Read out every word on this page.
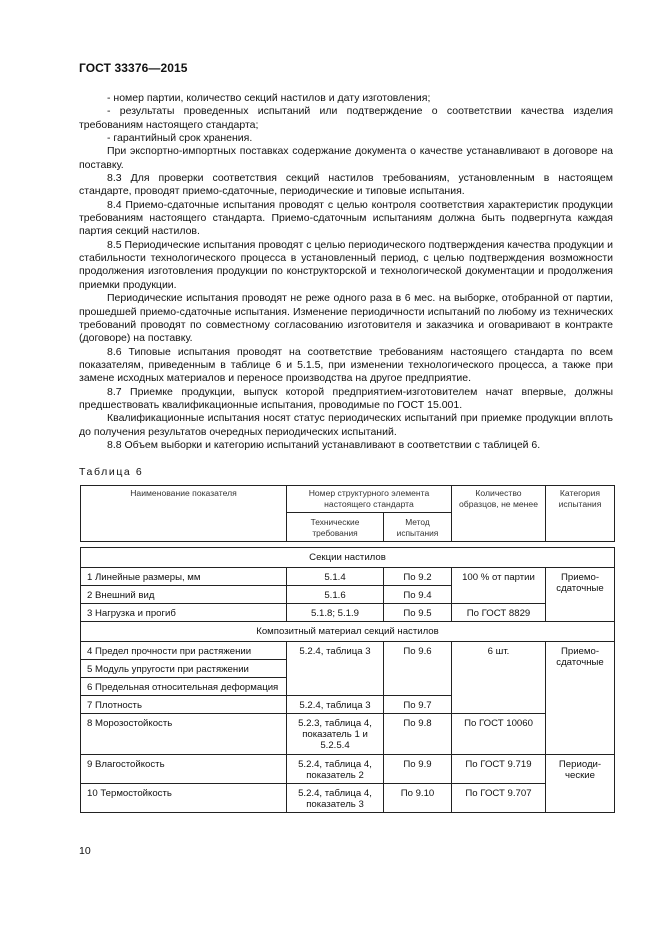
ГОСТ 33376—2015

- номер партии, количество секций настилов и дату изготовления;

- результаты проведенных испытаний или подтверждение о соответствии качества изделия требованиям настоящего стандарта;

- гарантийный срок хранения.

При экспортно-импортных поставках содержание документа о качестве устанавливают в договоре на поставку.

8.3 Для проверки соответствия секций настилов требованиям, установленным в настоящем стандарте, проводят приемо-сдаточные, периодические и типовые испытания.

8.4 Приемо-сдаточные испытания проводят с целью контроля соответствия характеристик продукции требованиям настоящего стандарта. Приемо-сдаточным испытаниям должна быть подвергнута каждая партия секций настилов.

8.5 Периодические испытания проводят с целью периодического подтверждения качества продукции и стабильности технологического процесса в установленный период, с целью подтверждения возможности продолжения изготовления продукции по конструкторской и технологической документации и продолжения приемки продукции.

Периодические испытания проводят не реже одного раза в 6 мес. на выборке, отобранной от партии, прошедшей приемо-сдаточные испытания. Изменение периодичности испытаний по любому из технических требований проводят по совместному согласованию изготовителя и заказчика и оговаривают в контракте (договоре) на поставку.

8.6 Типовые испытания проводят на соответствие требованиям настоящего стандарта по всем показателям, приведенным в таблице 6 и 5.1.5, при изменении технологического процесса, а также при замене исходных материалов и переносе производства на другое предприятие.

8.7 Приемке продукции, выпуск которой предприятием-изготовителем начат впервые, должны предшествовать квалификационные испытания, проводимые по ГОСТ 15.001.

Квалификационные испытания носят статус периодических испытаний при приемке продукции вплоть до получения результатов очередных периодических испытаний.

8.8 Объем выборки и категорию испытаний устанавливают в соответствии с таблицей 6.

Таблица 6
Наименование показателя	Номер структурного элемента настоящего стандарта		Количество образцов, не менее	Категория испытания
	Технические требования	Метод испытания		

Секции настилов				
1 Линейные размеры, мм	5.1.4	По 9.2	100 % от партии	Приемо-сдаточные
2 Внешний вид	5.1.6	По 9.4		
3 Нагрузка и прогиб	5.1.8; 5.1.9	По 9.5	По ГОСТ 8829	
Композитный материал секций настилов				
4 Предел прочности при растяжении	5.2.4, таблица 3	По 9.6	6 шт.	Приемо-сдаточные
5 Модуль упругости при растяжении				
6 Предельная относительная деформация				
7 Плотность	5.2.4, таблица 3	По 9.7		
8 Морозостойкость	5.2.3, таблица 4, показатель 1 и 5.2.5.4	По 9.8	По ГОСТ 10060	
9 Влагостойкость	5.2.4, таблица 4, показатель 2	По 9.9	По ГОСТ 9.719	Периоди-ческие
10 Термостойкость	5.2.4, таблица 4, показатель 3	По 9.10	По ГОСТ 9.707	
10
